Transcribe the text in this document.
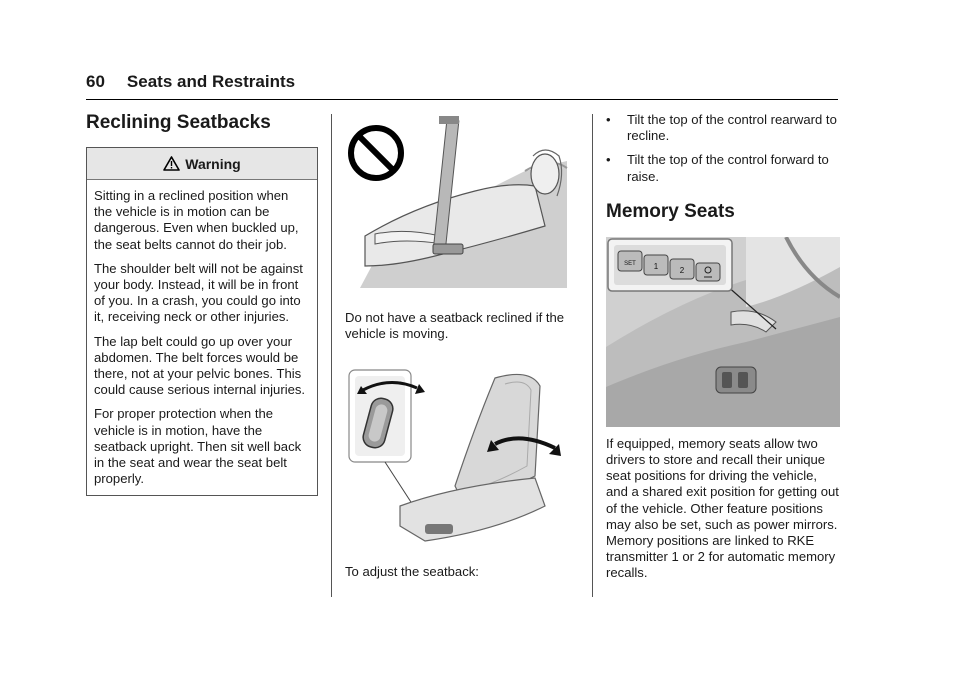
60 Seats and Restraints
Reclining Seatbacks
Warning

Sitting in a reclined position when the vehicle is in motion can be dangerous. Even when buckled up, the seat belts cannot do their job.

The shoulder belt will not be against your body. Instead, it will be in front of you. In a crash, you could go into it, receiving neck or other injuries.

The lap belt could go up over your abdomen. The belt forces would be there, not at your pelvic bones. This could cause serious internal injuries.

For proper protection when the vehicle is in motion, have the seatback upright. Then sit well back in the seat and wear the seat belt properly.

Do not have a seatback reclined if the vehicle is moving.

To adjust the seatback:

•	Tilt the top of the control rearward to recline.
•	Tilt the top of the control forward to raise.
Memory Seats
SET 1	2

If equipped, memory seats allow two drivers to store and recall their unique seat positions for driving the vehicle, and a shared exit position for getting out of the vehicle. Other feature positions may also be set, such as power mirrors. Memory positions are linked to RKE transmitter 1 or 2 for automatic memory recalls.
